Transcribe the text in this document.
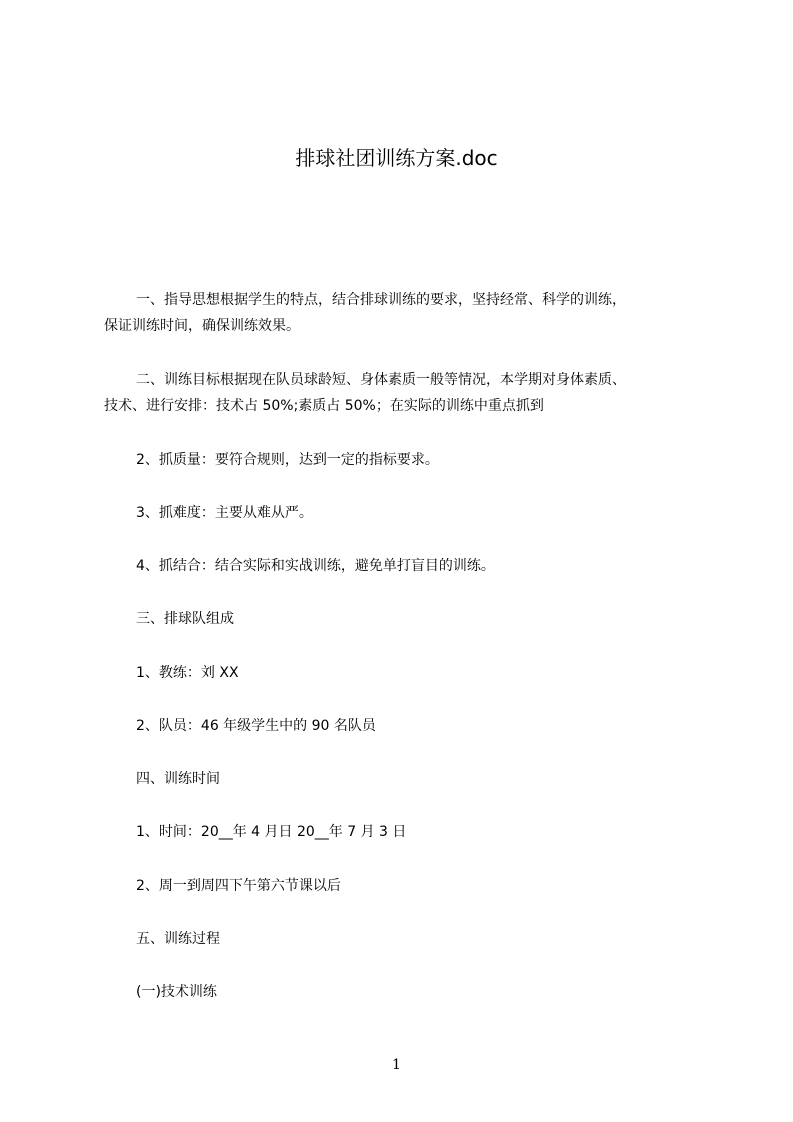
排球社团训练方案.doc
一、指导思想根据学生的特点，结合排球训练的要求，坚持经常、科学的训练，
保证训练时间，确保训练效果。
二、训练目标根据现在队员球龄短、身体素质一般等情况，本学期对身体素质、
技术、进行安排：技术占 50%;素质占 50%；在实际的训练中重点抓到
2、抓质量：要符合规则，达到一定的指标要求。
3、抓难度：主要从难从严。
4、抓结合：结合实际和实战训练，避免单打盲目的训练。
三、排球队组成
1、教练：刘 XX
2、队员：46 年级学生中的 90 名队员
四、训练时间
1、时间：20__年 4 月日 20__年 7 月 3 日
2、周一到周四下午第六节课以后
五、训练过程
(一)技术训练
1
